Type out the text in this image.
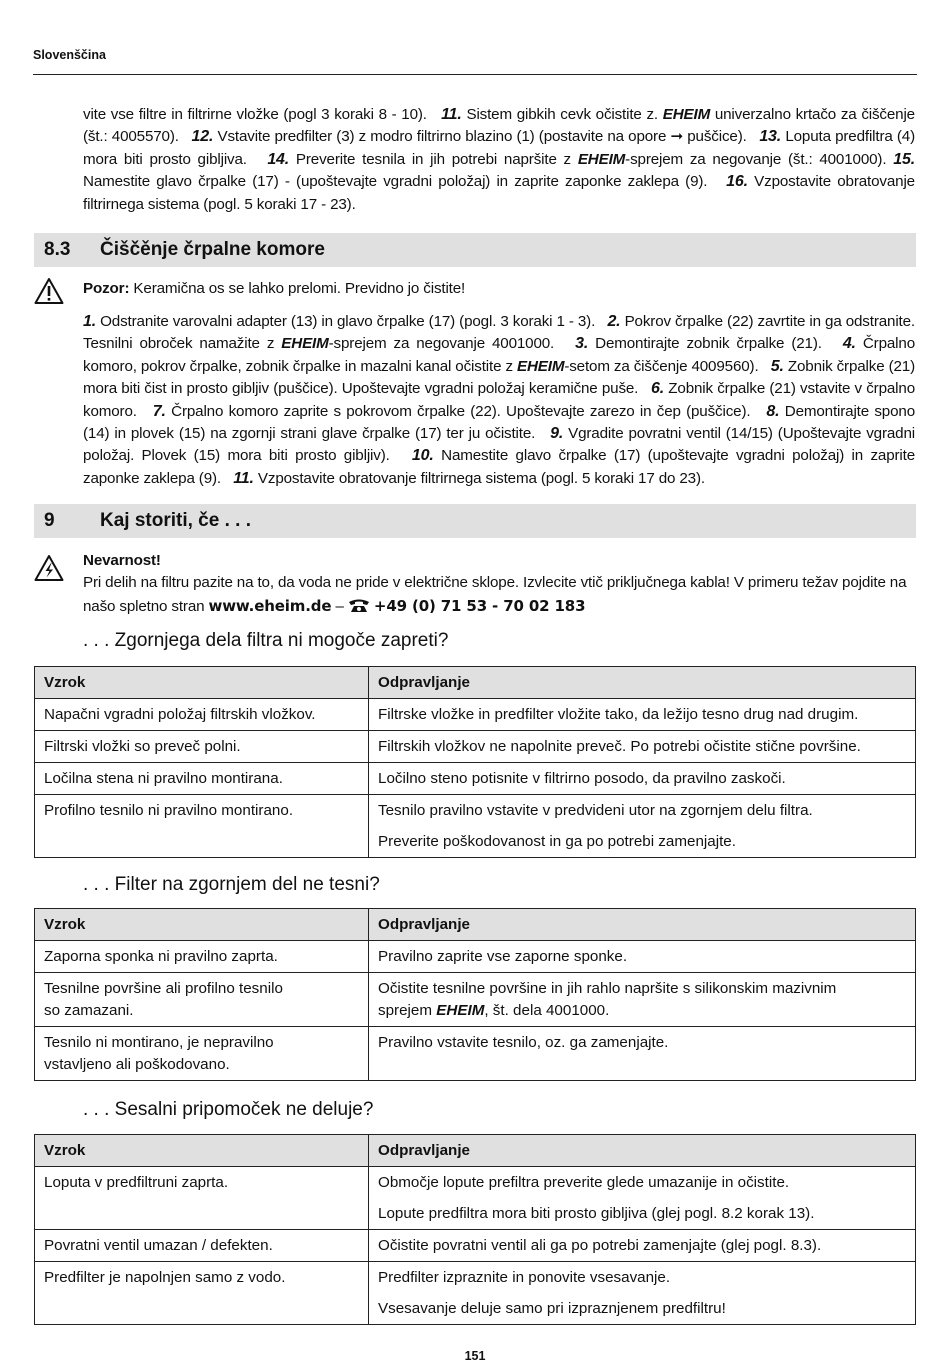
Slovenščina
vite vse filtre in filtrirne vložke (pogl 3 koraki 8 - 10). 11. Sistem gibkih cevk očistite z. EHEIM univerzalno krtačo za čiščenje (št.: 4005570). 12. Vstavite predfilter (3) z modro filtrirno blazino (1) (postavite na opore ➞ puščice). 13. Loputa predfiltra (4) mora biti prosto gibljiva. 14. Preverite tesnila in jih potrebi napršite z EHEIM-sprejem za negovanje (št.: 4001000). 15. Namestite glavo črpalke (17) - (upoštevajte vgradni položaj) in zaprite zaponke zaklepa (9). 16. Vzpostavite obratovanje filtrirnega sistema (pogl. 5 koraki 17 - 23).
8.3	Čiščěnje črpalne komore
Pozor: Keramična os se lahko prelomi. Previdno jo čistite!
1. Odstranite varovalni adapter (13) in glavo črpalke (17) (pogl. 3 koraki 1 - 3). 2. Pokrov črpalke (22) zavrtite in ga odstranite. Tesnilni obroček namažite z EHEIM-sprejem za negovanje 4001000. 3. Demontirajte zobnik črpalke (21). 4. Črpalno komoro, pokrov črpalke, zobnik črpalke in mazalni kanal očistite z EHEIM-setom za čiščenje 4009560). 5. Zobnik črpalke (21) mora biti čist in prosto gibljiv (puščice). Upoštevajte vgradni položaj keramične puše. 6. Zobnik črpalke (21) vstavite v črpalno komoro. 7. Črpalno komoro zaprite s pokrovom črpalke (22). Upoštevajte zarezo in čep (puščice). 8. Demontirajte spono (14) in plovek (15) na zgornji strani glave črpalke (17) ter ju očistite. 9. Vgradite povratni ventil (14/15) (Upoštevajte vgradni položaj. Plovek (15) mora biti prosto gibljiv). 10. Namestite glavo črpalke (17) (upoštevajte vgradni položaj) in zaprite zaponke zaklepa (9). 11. Vzpostavite obratovanje filtrirnega sistema (pogl. 5 koraki 17 do 23).
9	Kaj storiti, če . . .
Nevarnost!
Pri delih na filtru pazite na to, da voda ne pride v električne sklope. Izvlecite vtič priključnega kabla! V primeru težav pojdite na našo spletno stran www.eheim.de –  +49 (0) 71 53 - 70 02 183
. . . Zgornjega dela filtra ni mogoče zapreti?
Vzrok	Odpravljanje
Napačni vgradni položaj filtrskih vložkov.	Filtrske vložke in predfilter vložite tako, da ležijo tesno drug nad drugim.

Filtrski vložki so preveč polni.	Filtrskih vložkov ne napolnite preveč. Po potrebi očistite stične površine.

Ločilna stena ni pravilno montirana.	Ločilno steno potisnite v filtrirno posodo, da pravilno zaskoči.

Profilno tesnilo ni pravilno montirano.	Tesnilo pravilno vstavite v predvideni utor na zgornjem delu filtra.
Preverite poškodovanost in ga po potrebi zamenjajte.
. . . Filter na zgornjem del ne tesni?
Vzrok	Odpravljanje
Zaporna sponka ni pravilno zaprta.	Pravilno zaprite vse zaporne sponke.

Tesnilne površine ali profilno tesnilo
so zamazani.	Očistite tesnilne površine in jih rahlo napršite s silikonskim mazivnim
sprejem EHEIM, št. dela 4001000.

Tesnilo ni montirano, je nepravilno
vstavljeno ali poškodovano.	Pravilno vstavite tesnilo, oz. ga zamenjajte.
. . . Sesalni pripomoček ne deluje?
Vzrok	Odpravljanje
Loputa v predfiltruni zaprta.	Območje lopute prefiltra preverite glede umazanije in očistite.
Lopute predfiltra mora biti prosto gibljiva (glej pogl. 8.2 korak 13).

Povratni ventil umazan / defekten.	Očistite povratni ventil ali ga po potrebi zamenjajte (glej pogl. 8.3).

Predfilter je napolnjen samo z vodo.	Predfilter izpraznite in ponovite vsesavanje.
Vsesavanje deluje samo pri izpraznjenem predfiltru!
151
